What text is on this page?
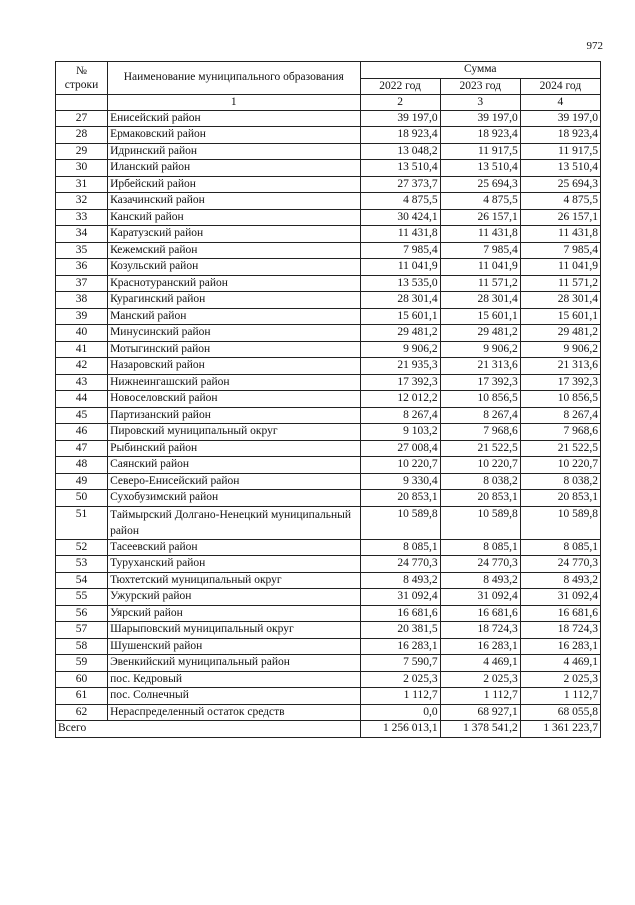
972
№
строки	Наименование муниципального образования	Сумма		
		2022 год	2023 год	2024 год
	1	2	3	4
27	Енисейский район	39 197,0	39 197,0	39 197,0
28	Ермаковский район	18 923,4	18 923,4	18 923,4
29	Идринский район	13 048,2	11 917,5	11 917,5
30	Иланский район	13 510,4	13 510,4	13 510,4
31	Ирбейский район	27 373,7	25 694,3	25 694,3
32	Казачинский район	4 875,5	4 875,5	4 875,5
33	Канский район	30 424,1	26 157,1	26 157,1
34	Каратузский район	11 431,8	11 431,8	11 431,8
35	Кежемский район	7 985,4	7 985,4	7 985,4
36	Козульский район	11 041,9	11 041,9	11 041,9
37	Краснотуранский район	13 535,0	11 571,2	11 571,2
38	Курагинский район	28 301,4	28 301,4	28 301,4
39	Манский район	15 601,1	15 601,1	15 601,1
40	Минусинский район	29 481,2	29 481,2	29 481,2
41	Мотыгинский район	9 906,2	9 906,2	9 906,2
42	Назаровский район	21 935,3	21 313,6	21 313,6
43	Нижнеингашский район	17 392,3	17 392,3	17 392,3
44	Новоселовский район	12 012,2	10 856,5	10 856,5
45	Партизанский район	8 267,4	8 267,4	8 267,4
46	Пировский муниципальный округ	9 103,2	7 968,6	7 968,6
47	Рыбинский район	27 008,4	21 522,5	21 522,5
48	Саянский район	10 220,7	10 220,7	10 220,7
49	Северо-Енисейский район	9 330,4	8 038,2	8 038,2
50	Сухобузимский район	20 853,1	20 853,1	20 853,1
51	Таймырский Долгано-Ненецкий муниципальный район	10 589,8	10 589,8	10 589,8
52	Тасеевский район	8 085,1	8 085,1	8 085,1
53	Туруханский район	24 770,3	24 770,3	24 770,3
54	Тюхтетский муниципальный округ	8 493,2	8 493,2	8 493,2
55	Ужурский район	31 092,4	31 092,4	31 092,4
56	Уярский район	16 681,6	16 681,6	16 681,6
57	Шарыповский муниципальный округ	20 381,5	18 724,3	18 724,3
58	Шушенский район	16 283,1	16 283,1	16 283,1
59	Эвенкийский муниципальный район	7 590,7	4 469,1	4 469,1
60	пос. Кедровый	2 025,3	2 025,3	2 025,3
61	пос. Солнечный	1 112,7	1 112,7	1 112,7
62	Нераспределенный остаток средств	0,0	68 927,1	68 055,8
Всего		1 256 013,1	1 378 541,2	1 361 223,7
